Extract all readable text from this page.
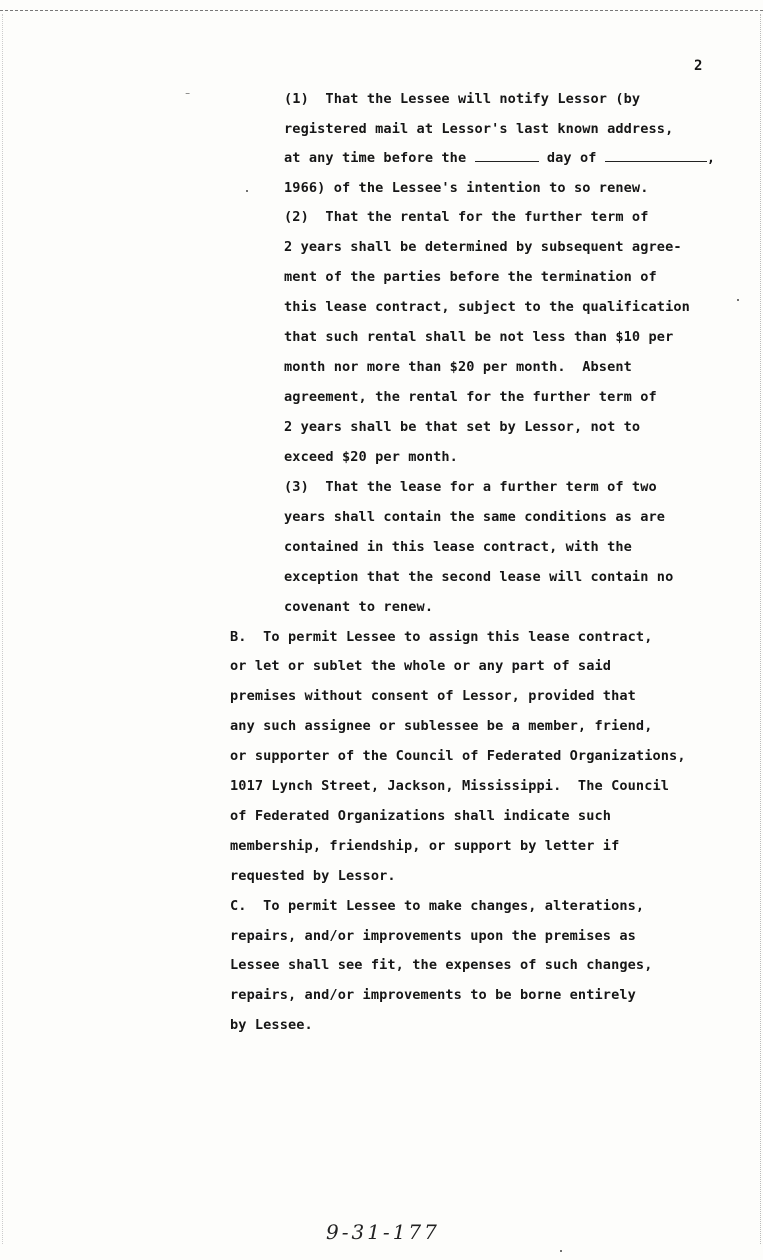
2
⁻	(1)  That the Lessee will notify Lessor (by
registered mail at Lessor's last known address,
at any time before the	day of	,
1966) of the Lessee's intention to so renew.
(2)  That the rental for the further term of
2 years shall be determined by subsequent agree-
ment of the parties before the termination of
this lease contract, subject to the qualification
that such rental shall be not less than $10 per
month nor more than $20 per month.  Absent
agreement, the rental for the further term of
2 years shall be that set by Lessor, not to
exceed $20 per month.
(3)  That the lease for a further term of two
years shall contain the same conditions as are
contained in this lease contract, with the
exception that the second lease will contain no
covenant to renew.
B.  To permit Lessee to assign this lease contract,
or let or sublet the whole or any part of said
premises without consent of Lessor, provided that
any such assignee or sublessee be a member, friend,
or supporter of the Council of Federated Organizations,
1017 Lynch Street, Jackson, Mississippi.  The Council
of Federated Organizations shall indicate such
membership, friendship, or support by letter if
requested by Lessor.
C.  To permit Lessee to make changes, alterations,
repairs, and/or improvements upon the premises as
Lessee shall see fit, the expenses of such changes,
repairs, and/or improvements to be borne entirely
by Lessee.
9-31-177
